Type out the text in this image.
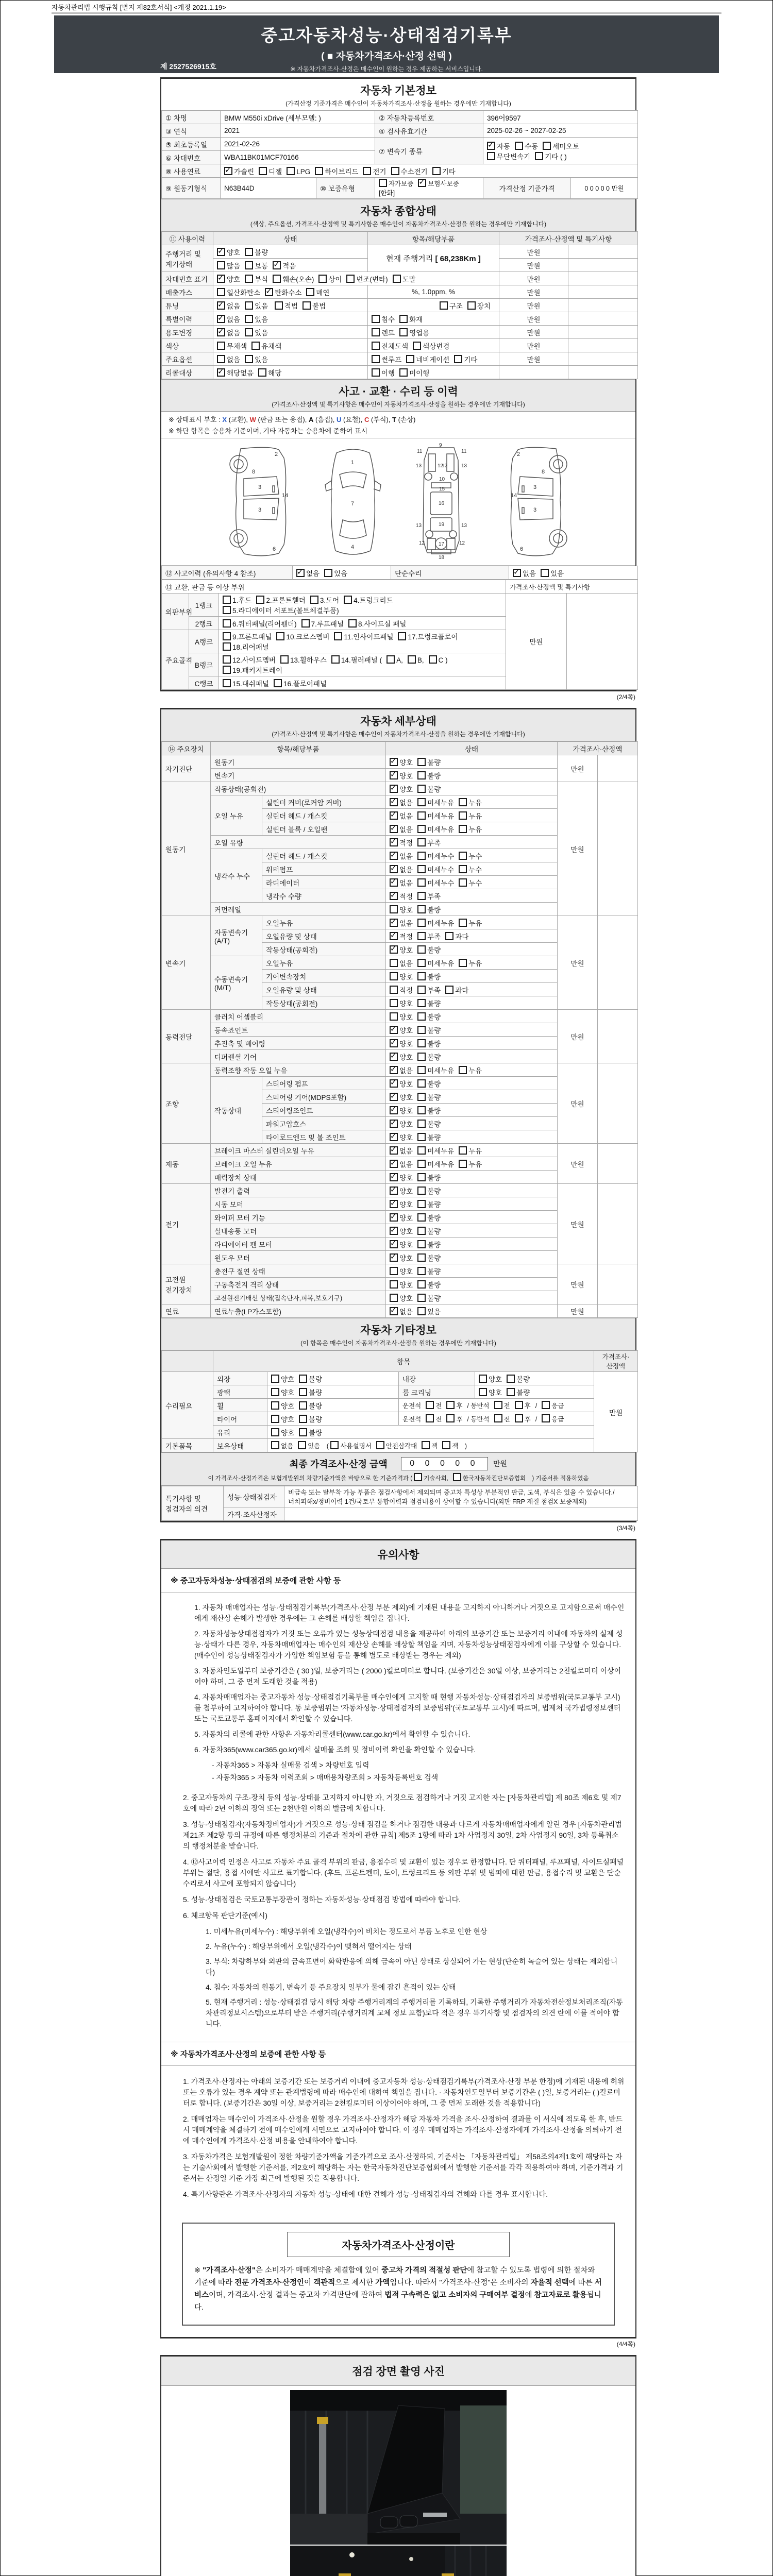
자동차관리법 시행규칙 [별지 제82호서식] <개정 2021.1.19>
중고자동차성능·상태점검기록부
( ■ 자동차가격조사·산정 선택 )
※ 자동차가격조사·산정은 매수인이 원하는 경우 제공하는 서비스입니다.
제 2527526915호
자동차 기본정보
(가격산정 기준가격은 매수인이 자동차가격조사·산정을 원하는 경우에만 기재합니다)
① 차명	BMW M550i xDrive (세부모델: )		② 자동차등록번호	396어9597	
③ 연식	2021		④ 검사유효기간	2025-02-26 ~ 2027-02-25	
⑤ 최초등록일	2021-02-26		⑦ 변속기 종류	✓자동 수동 세미오토 무단변속기 기타 ( )
⑥ 차대번호	WBA11BK01MCF70166				
⑧ 사용연료	✓가솔린 디젤 LPG 하이브리드 전기 수소전기 기타
⑨ 원동기형식	N63B44D	⑩ 보증유형	자가보증 ✓ 보험사보증[한화]	가격산정 기준가격	0 0 0 0 0 만원
자동차 종합상태
(색상, 주요옵션, 가격조사·산정액 및 특기사항은 매수인이 자동차가격조사·산정을 원하는 경우에만 기재합니다)
⑪ 사용이력	상태	항목/해당부품	가격조사·산정액 및 특기사항	
주행거리 및 계기상태	✓양호 불량	현재 주행거리 [ 68,238Km ]	만원	
	많음 보통 ✓ 적음		만원	
차대번호 표기	✓양호 부식 훼손(오손) 상이 변조(변타) 도말		만원	
배출가스	일산화탄소 ✓ 탄화수소 매연	%, 1.0ppm, %	만원	
튜닝	✓없음 있음 적법 불법	구조 장치	만원	
특별이력	✓없음 있음	침수 화재	만원	
용도변경	✓없음 있음	렌트 영업용	만원	
색상	무채색 유채색	전체도색 색상변경	만원	
주요옵션	없음 있음	썬루프 네비게이션 기타	만원	
리콜대상	✓해당없음 해당	이행 미이행		
사고 · 교환 · 수리 등 이력
(가격조사·산정액 및 특기사항은 매수인이 자동차가격조사·산정을 원하는 경우에만 기재합니다)
※ 상태표시 부호 : X (교환), W (판금 또는 용접), A (흠집), U (요철), C (부식), T (손상)
※ 하단 항목은 승용차 기준이며, 기타 자동차는 승용차에 준하여 표시
2
8
3
14
3
6
1
7
4
11
9
11
13	12
12	13
10
15
16
19
13
12	12
13
17
18
2
8
3
14
3
6
⑫ 사고이력 (유의사항 4 참조)	✓없음 있음	단순수리	✓없음 있음
⑬ 교환, 판금 등 이상 부위			가격조사·산정액 및 특기사항	
외판부위	1랭크	1.후드 2.프론트휀더 3.도어 4.트렁크리드5.라디에이터 서포트(볼트체결부품)	만원	
	2랭크	6.쿼터패널(리어휀더) 7.루프패널 8.사이드실 패널		
주요골격	A랭크	9.프론트패널 10.크로스멤버 11.인사이드패널 17.트렁크플로어18.리어패널		
	B랭크	12.사이드멤버 13.휠하우스 14.필러패널 ( A, B, C )19.패키지트레이		
	C랭크	15.대쉬패널 16.플로어패널		
(2/4쪽)
자동차 세부상태
(가격조사·산정액 및 특기사항은 매수인이 자동차가격조사·산정을 원하는 경우에만 기재합니다)
⑭ 주요장치	항목/해당부품		상태	가격조사·산정액	
자기진단	원동기	✓양호 불량	만원	
	변속기	✓양호 불량
원동기	작동상태(공회전)	✓양호 불량	만원	
	오일 누유	실린더 커버(로커암 커버)	✓없음 미세누유 누유
		실린더 헤드 / 개스킷	✓없음 미세누유 누유
		실린더 블록 / 오일팬	✓없음 미세누유 누유
	오일 유량	✓적정 부족
	냉각수 누수	실린더 헤드 / 개스킷	✓없음 미세누수 누수
		워터펌프	✓없음 미세누수 누수
		라디에이터	✓없음 미세누수 누수
		냉각수 수량	✓적정 부족
	커먼레일		양호 불량		
변속기	자동변속기 (A/T)	오일누유	✓없음 미세누유 누유	만원	
		오일유량 및 상태	✓적정 부족 과다
		작동상태(공회전)	✓양호 불량
	수동변속기 (M/T)	오일누유	없음 미세누유 누유		
		기어변속장치	양호 불량		
		오일유량 및 상태	적정 부족 과다		
		작동상태(공회전)	양호 불량		
동력전달	클러치 어셈블리		양호 불량	만원	
	등속죠인트	✓양호 불량
	추진축 및 베어링	✓양호 불량
	디퍼렌셜 기어	✓양호 불량
조향	동력조향 작동 오일 누유	✓없음 미세누유 누유	만원	
	작동상태	스티어링 펌프	✓양호 불량
		스티어링 기어(MDPS포함)	✓양호 불량
		스티어링조인트	✓양호 불량
		파워고압호스	✓양호 불량
		타이로드엔드 및 볼 조인트	✓양호 불량
제동	브레이크 마스터 실린더오일 누유	✓없음 미세누유 누유	만원	
	브레이크 오일 누유	✓없음 미세누유 누유
	배력장치 상태	✓양호 불량
전기	발전기 출력	✓양호 불량	만원	
	시동 모터	✓양호 불량
	와이퍼 모터 기능	✓양호 불량
	실내송풍 모터	✓양호 불량
	라디에이터 팬 모터	✓양호 불량
	윈도우 모터	✓양호 불량
고전원 전기장치	충전구 절연 상태		양호 불량	만원	
	구동축전지 격리 상태		양호 불량		
	고전원전기배선 상태(접속단자,피복,보호기구)		양호 불량		
연료	연료누출(LP가스포함)	✓없음 있음	만원	
자동차 기타정보
(이 항목은 매수인이 자동차가격조사·산정을 원하는 경우에만 기재합니다)
	항목				가격조사·산정액
수리필요	외장	양호 불량	내장	양호 불량	만원
	광택	양호 불량	룸 크리닝	양호 불량	
	휠	양호 불량	운전석 전 후 / 동반석 전 후 / 응급		
	타이어	양호 불량	운전석 전 후 / 동반석 전 후 / 응급		
	유리	양호 불량			
기본품목	보유상태	없음 있음 ( 사용설명서 안전삼각대 잭 잭 )			
최종 가격조사·산정 금액	0 0 0 0 0 만원
이 가격조사·산정가격은 보험개발원의 차량기준가액을 바탕으로 한 기준가격과 ( 기술사회, 한국자동차진단보증협회 ) 기준서를 적용하였음
특기사항 및 점검자의 의견	성능·상태점검자	비금속 또는 탈부착 가능 부품은 점검사항에서 제외되며 중고차 특성상 부분적인 판금, 도색, 부식은 있을 수 있습니다./너치피해x/정비이력 1건/국토부 통합이력과 점검내용이 상이할 수 있습니다(외판 FRP 재질 점검X 보증제외)
	가격·조사산정자	
(3/4쪽)
유의사항
※ 중고자동차성능·상태점검의 보증에 관한 사항 등
1. 자동차 매매업자는 성능·상태점검기록부(가격조사·산정 부분 제외)에 기재된 내용을 고지하지 아니하거나 거짓으로 고지함으로써 매수인에게 재산상 손해가 발생한 경우에는 그 손해를 배상할 책임을 집니다.
2. 자동차성능상태점검자가 거짓 또는 오류가 있는 성능상태점검 내용을 제공하여 아래의 보증기간 또는 보증거리 이내에 자동차의 실제 성능·상태가 다른 경우, 자동차매매업자는 매수인의 재산상 손해를 배상할 책임을 지며, 자동차성능상태점검자에게 이를 구상할 수 있습니다.(매수인이 성능상태점검자가 가입한 책임보험 등을 통해 별도로 배상받는 경우는 제외)
3. 자동차인도일부터 보증기간은 ( 30 )일, 보증거리는 ( 2000 )킬로미터로 합니다. (보증기간은 30일 이상, 보증거리는 2천킬로미터 이상이어야 하며, 그 중 먼저 도래한 것을 적용)
4. 자동차매매업자는 중고자동차 성능·상태점검기록부를 매수인에게 고지할 때 현행 자동차성능·상태점검자의 보증범위(국토교통부 고시)를 첨부하여 고지하여야 합니다. 동 보증범위는 '자동차성능·상태점검자의 보증범위'(국토교통부 고시)에 따르며, 법제처 국가법령정보센터 또는 국토교통부 홈페이지에서 확인할 수 있습니다.
5. 자동차의 리콜에 관한 사항은 자동차리콜센터(www.car.go.kr)에서 확인할 수 있습니다.
6. 자동차365(www.car365.go.kr)에서 실매물 조회 및 정비이력 확인을 확인할 수 있습니다.
- 자동차365 > 자동차 실매물 검색 > 차량번호 입력
- 자동차365 > 자동차 이력조회 > 매매용차량조회 > 자동차등록번호 검색
2. 중고자동차의 구조·장치 등의 성능·상태를 고지하지 아니한 자, 거짓으로 점검하거나 거짓 고지한 자는 [자동차관리법] 제 80조 제6호 및 제7호에 따라 2년 이하의 징역 또는 2천만원 이하의 벌금에 처합니다.
3. 성능·상태점검자(자동차정비업자)가 거짓으로 성능·상태 점검을 하거나 점검한 내용과 다르게 자동차매매업자에게 알린 경우 [자동차관리법 제21조 제2항 등의 규정에 따른 행정처분의 기준과 절차에 관한 규칙] 제5조 1항에 따라 1차 사업정지 30일, 2차 사업정지 90일, 3차 등록취소의 행정처분을 받습니다.
4. ⑫사고이력 인정은 사고로 자동차 주요 골격 부위의 판금, 용접수리 및 교환이 있는 경우로 한정합니다. 단 쿼터패널, 루프패널, 사이드실패널 부위는 절단, 용접 시에만 사고로 표기합니다. (후드, 프론트펜더, 도어, 트렁크리드 등 외판 부위 및 범퍼에 대한 판금, 용접수리 및 교환은 단순수리로서 사고에 포함되지 않습니다)
5. 성능·상태점검은 국토교통부장관이 정하는 자동차성능·상태점검 방법에 따라야 합니다.
6. 체크항목 판단기준(예시)
1. 미세누유(미세누수) : 해당부위에 오일(냉각수)이 비치는 정도로서 부품 노후로 인한 현상
2. 누유(누수) : 해당부위에서 오일(냉각수)이 맺혀서 떨어지는 상태
3. 부식: 차량하부와 외판의 금속표면이 화학반응에 의해 금속이 아닌 상태로 상실되어 가는 현상(단순히 녹슬어 있는 상태는 제외합니다)
4. 침수: 자동차의 원동기, 변속기 등 주요장치 일부가 물에 잠긴 흔적이 있는 상태
5. 현재 주행거리 : 성능·상태점검 당시 해당 차량 주행거리계의 주행거리를 기록하되, 기록한 주행거리가 자동차전산정보처리조직(자동차관리정보시스템)으로부터 받은 주행거리(주행거리계 교체 정보 포함)보다 적은 경우 특기사항 및 점검자의 의견 란에 이를 적어야 합니다.
※ 자동차가격조사·산정의 보증에 관한 사항 등
1. 가격조사·산정자는 아래의 보증기간 또는 보증거리 이내에 중고자동차 성능·상태점검기록부(가격조사·산정 부분 한정)에 기재된 내용에 허위 또는 오류가 있는 경우 계약 또는 관계법령에 따라 매수인에 대하여 책임을 집니다. · 자동차인도일부터 보증기간은 ( )일, 보증거리는 ( )킬로미터로 합니다. (보증기간은 30일 이상, 보증거리는 2천킬로미터 이상이어야 하며, 그 중 먼저 도래한 것을 적용합니다)
2. 매매업자는 매수인이 가격조사·산정을 원할 경우 가격조사·산정자가 해당 자동차 가격을 조사·산정하여 결과를 이 서식에 적도록 한 후, 반드시 매매계약을 체결하기 전에 매수인에게 서면으로 고지하여야 합니다. 이 경우 매매업자는 가격조사·산정자에게 가격조사·산정을 의뢰하기 전에 매수인에게 가격조사·산정 비용을 안내하여야 합니다.
3. 자동차가격은 보험개발원이 정한 차량기준가액을 기준가격으로 조사·산정하되, 기준서는 「자동차관리법」 제58조의4제1호에 해당하는 자는 기술사회에서 발행한 기준서를, 제2호에 해당하는 자는 한국자동차진단보증협회에서 발행한 기준서를 각각 적용하여야 하며, 기준가격과 기준서는 산정일 기준 가장 최근에 발행된 것을 적용합니다.
4. 특기사항란은 가격조사·산정자의 자동차 성능·상태에 대한 견해가 성능·상태점검자의 견해와 다를 경우 표시합니다.
자동차가격조사·산정이란
※ "가격조사·산정"은 소비자가 매매계약을 체결함에 있어 중고차 가격의 적절성 판단에 참고할 수 있도록 법령에 의한 절차와 기준에 따라 전문 가격조사·산정인이 객관적으로 제시한 가액입니다. 따라서 "가격조사·산정"은 소비자의 자율적 선택에 따른 서비스이며, 가격조사·산정 결과는 중고차 가격판단에 관하여 법적 구속력은 없고 소비자의 구매여부 결정에 참고자료로 활용됩니다.
(4/4쪽)
점검 장면 촬영 사진
